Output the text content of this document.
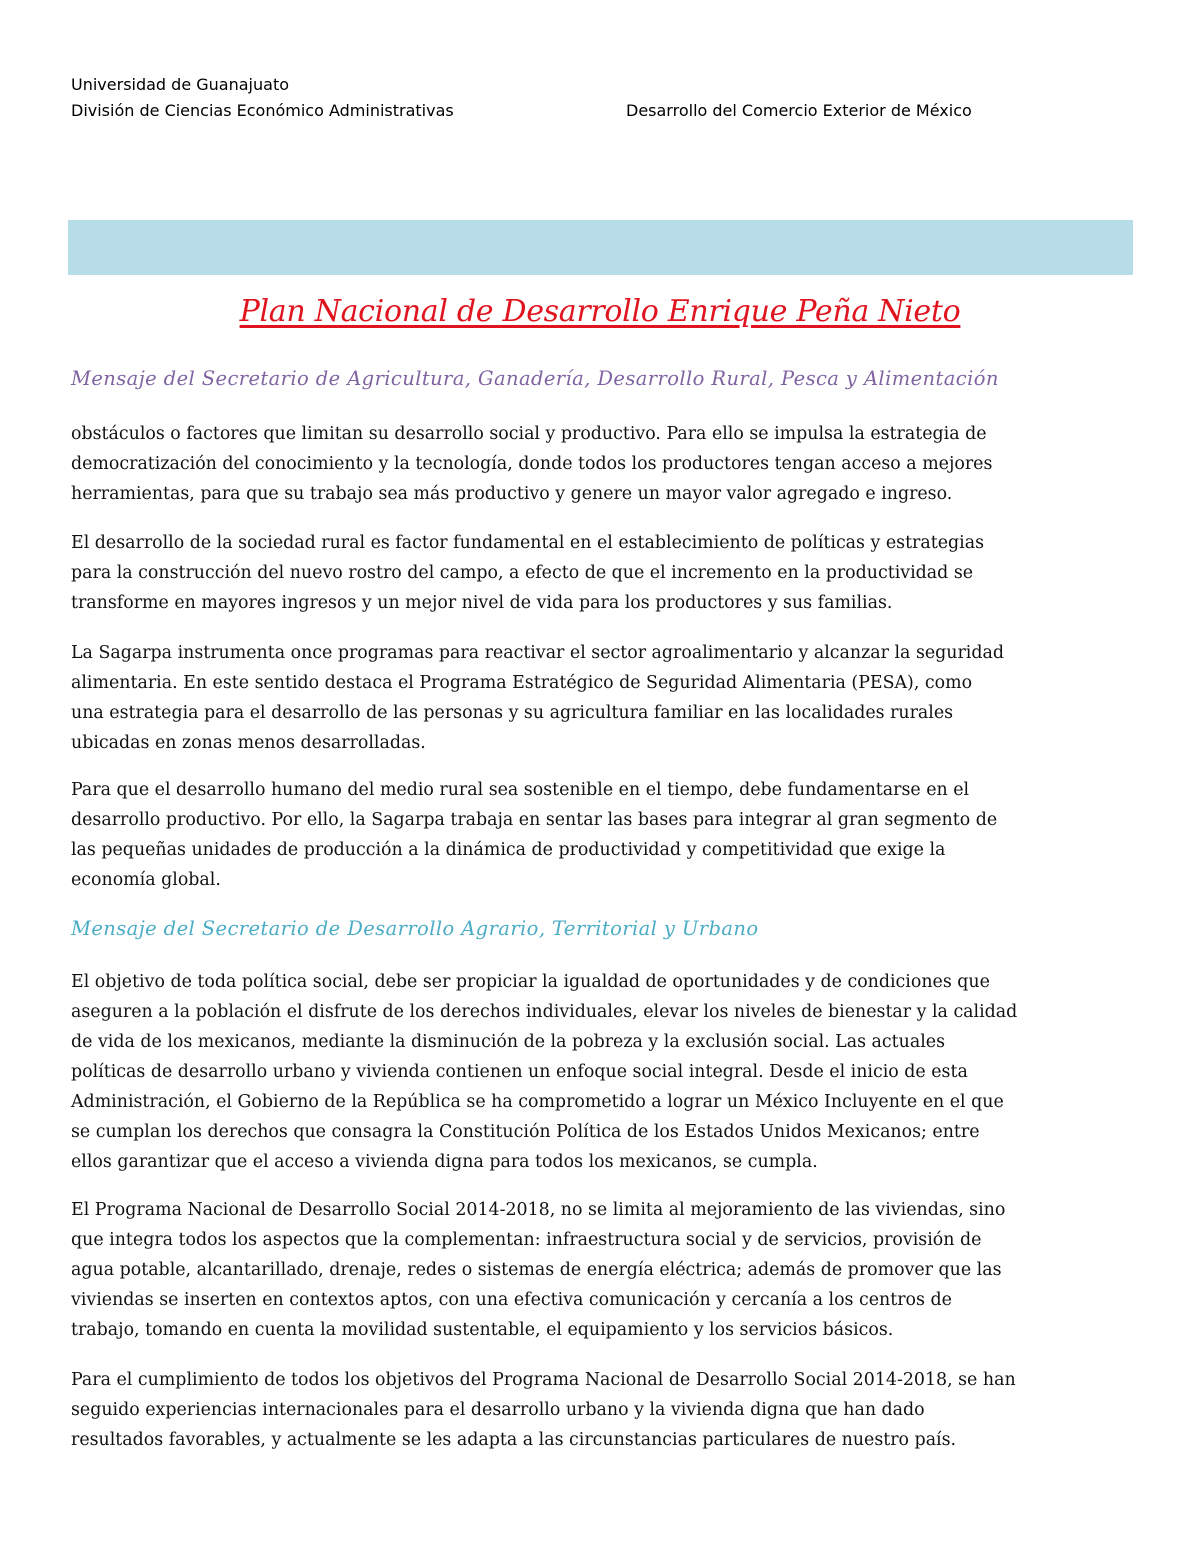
Universidad de Guanajuato
División de Ciencias Económico Administrativas	Desarrollo del Comercio Exterior de México
Plan Nacional de Desarrollo Enrique Peña Nieto
Mensaje del Secretario de Agricultura, Ganadería, Desarrollo Rural, Pesca y Alimentación
obstáculos o factores que limitan su desarrollo social y productivo. Para ello se impulsa la estrategia de
democratización del conocimiento y la tecnología, donde todos los productores tengan acceso a mejores
herramientas, para que su trabajo sea más productivo y genere un mayor valor agregado e ingreso.
El desarrollo de la sociedad rural es factor fundamental en el establecimiento de políticas y estrategias
para la construcción del nuevo rostro del campo, a efecto de que el incremento en la productividad se
transforme en mayores ingresos y un mejor nivel de vida para los productores y sus familias.
La Sagarpa instrumenta once programas para reactivar el sector agroalimentario y alcanzar la seguridad
alimentaria. En este sentido destaca el Programa Estratégico de Seguridad Alimentaria (PESA), como
una estrategia para el desarrollo de las personas y su agricultura familiar en las localidades rurales
ubicadas en zonas menos desarrolladas.
Para que el desarrollo humano del medio rural sea sostenible en el tiempo, debe fundamentarse en el
desarrollo productivo. Por ello, la Sagarpa trabaja en sentar las bases para integrar al gran segmento de
las pequeñas unidades de producción a la dinámica de productividad y competitividad que exige la
economía global.
Mensaje del Secretario de Desarrollo Agrario, Territorial y Urbano
El objetivo de toda política social, debe ser propiciar la igualdad de oportunidades y de condiciones que
aseguren a la población el disfrute de los derechos individuales, elevar los niveles de bienestar y la calidad
de vida de los mexicanos, mediante la disminución de la pobreza y la exclusión social. Las actuales
políticas de desarrollo urbano y vivienda contienen un enfoque social integral. Desde el inicio de esta
Administración, el Gobierno de la República se ha comprometido a lograr un México Incluyente en el que
se cumplan los derechos que consagra la Constitución Política de los Estados Unidos Mexicanos; entre
ellos garantizar que el acceso a vivienda digna para todos los mexicanos, se cumpla.
El Programa Nacional de Desarrollo Social 2014-2018, no se limita al mejoramiento de las viviendas, sino
que integra todos los aspectos que la complementan: infraestructura social y de servicios, provisión de
agua potable, alcantarillado, drenaje, redes o sistemas de energía eléctrica; además de promover que las
viviendas se inserten en contextos aptos, con una efectiva comunicación y cercanía a los centros de
trabajo, tomando en cuenta la movilidad sustentable, el equipamiento y los servicios básicos.
Para el cumplimiento de todos los objetivos del Programa Nacional de Desarrollo Social 2014-2018, se han
seguido experiencias internacionales para el desarrollo urbano y la vivienda digna que han dado
resultados favorables, y actualmente se les adapta a las circunstancias particulares de nuestro país.
